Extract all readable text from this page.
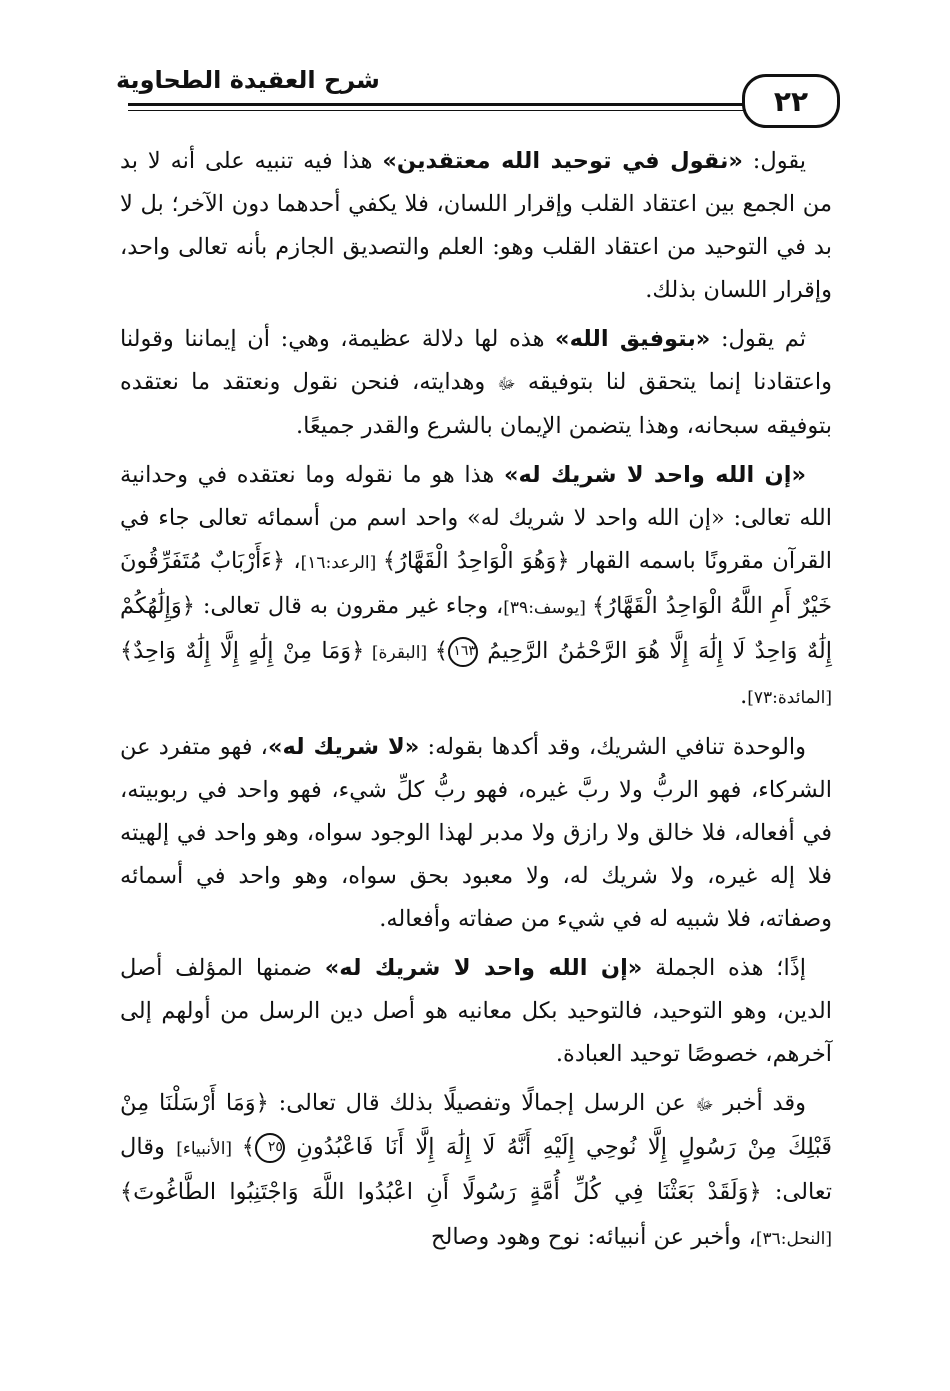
شرح العقيدة الطحاوية
٢٢

يقول: «نقول في توحيد الله معتقدين» هذا فيه تنبيه على أنه لا بد من الجمع بين اعتقاد القلب وإقرار اللسان، فلا يكفي أحدهما دون الآخر؛ بل لا بد في التوحيد من اعتقاد القلب وهو: العلم والتصديق الجازم بأنه تعالى واحد، وإقرار اللسان بذلك.

ثم يقول: «بتوفيق الله» هذه لها دلالة عظيمة، وهي: أن إيماننا وقولنا واعتقادنا إنما يتحقق لنا بتوفيقه ﷻ وهدايته، فنحن نقول ونعتقد ما نعتقده بتوفيقه سبحانه، وهذا يتضمن الإيمان بالشرع والقدر جميعًا.

«إن الله واحد لا شريك له» هذا هو ما نقوله وما نعتقده في وحدانية الله تعالى: «إن الله واحد لا شريك له» واحد اسم من أسمائه تعالى جاء في القرآن مقرونًا باسمه القهار ﴿وَهُوَ الْوَاحِدُ الْقَهَّارُ﴾ [الرعد:١٦]، ﴿ءَأَرْبَابٌ مُتَفَرِّقُونَ خَيْرٌ أَمِ اللَّهُ الْوَاحِدُ الْقَهَّارُ﴾ [يوسف:٣٩]، وجاء غير مقرون به قال تعالى: ﴿وَإِلَٰهُكُمْ إِلَٰهٌ وَاحِدٌ لَا إِلَٰهَ إِلَّا هُوَ الرَّحْمَٰنُ الرَّحِيمُ ١٦٣﴾ [البقرة] ﴿وَمَا مِنْ إِلَٰهٍ إِلَّا إِلَٰهٌ وَاحِدٌ﴾ [المائدة:٧٣].

والوحدة تنافي الشريك، وقد أكدها بقوله: «لا شريك له»، فهو متفرد عن الشركاء، فهو الربُّ ولا ربَّ غيره، فهو ربُّ كلِّ شيء، فهو واحد في ربوبيته، في أفعاله، فلا خالق ولا رازق ولا مدبر لهذا الوجود سواه، وهو واحد في إلهيته فلا إله غيره، ولا شريك له، ولا معبود بحق سواه، وهو واحد في أسمائه وصفاته، فلا شبيه له في شيء من صفاته وأفعاله.

إذًا؛ هذه الجملة «إن الله واحد لا شريك له» ضمنها المؤلف أصل الدين، وهو التوحيد، فالتوحيد بكل معانيه هو أصل دين الرسل من أولهم إلى آخرهم، خصوصًا توحيد العبادة.

وقد أخبر ﷻ عن الرسل إجمالًا وتفصيلًا بذلك قال تعالى: ﴿وَمَا أَرْسَلْنَا مِنْ قَبْلِكَ مِنْ رَسُولٍ إِلَّا نُوحِي إِلَيْهِ أَنَّهُ لَا إِلَٰهَ إِلَّا أَنَا فَاعْبُدُونِ ٢٥﴾ [الأنبياء] وقال تعالى: ﴿وَلَقَدْ بَعَثْنَا فِي كُلِّ أُمَّةٍ رَسُولًا أَنِ اعْبُدُوا اللَّهَ وَاجْتَنِبُوا الطَّاغُوتَ﴾ [النحل:٣٦]، وأخبر عن أنبيائه: نوح وهود وصالح
